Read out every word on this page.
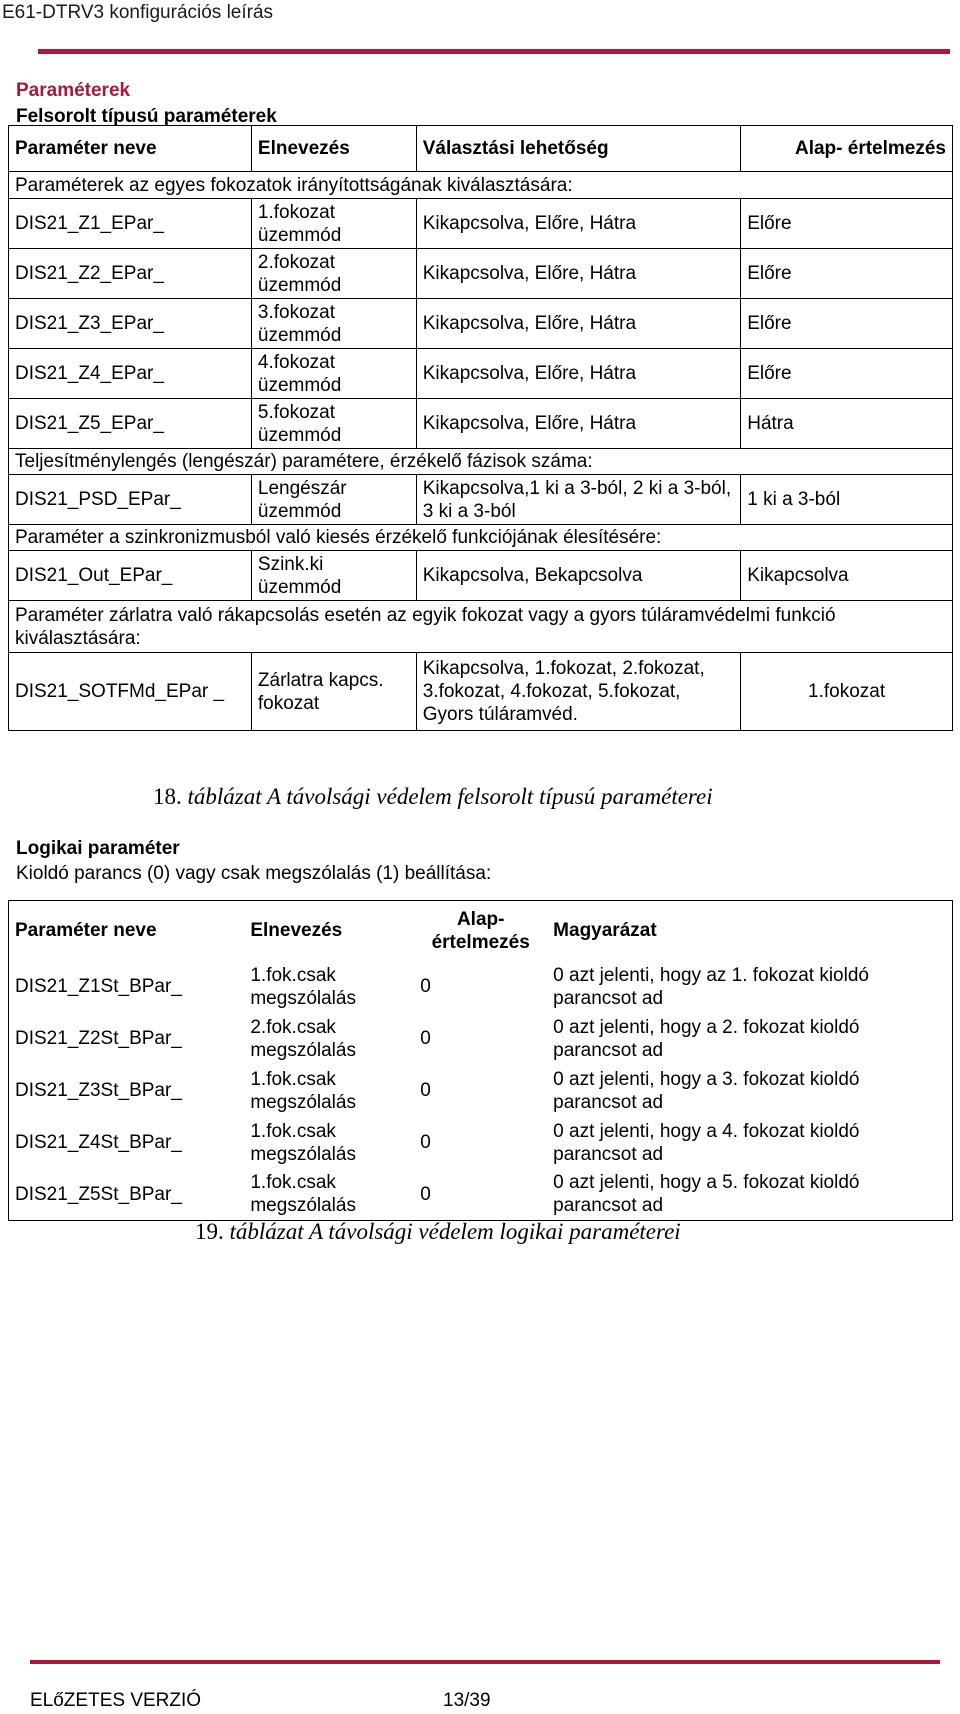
E61-DTRV3 konfigurációs leírás
Paraméterek
Felsorolt típusú paraméterek
Paraméter neve	Elnevezés	Választási lehetőség	Alap- értelmezés
Paraméterek az egyes fokozatok irányítottságának kiválasztására:			
DIS21_Z1_EPar_	1.fokozat üzemmód	Kikapcsolva, Előre, Hátra	Előre
DIS21_Z2_EPar_	2.fokozat üzemmód	Kikapcsolva, Előre, Hátra	Előre
DIS21_Z3_EPar_	3.fokozat üzemmód	Kikapcsolva, Előre, Hátra	Előre
DIS21_Z4_EPar_	4.fokozat üzemmód	Kikapcsolva, Előre, Hátra	Előre
DIS21_Z5_EPar_	5.fokozat üzemmód	Kikapcsolva, Előre, Hátra	Hátra
Teljesítménylengés (lengészár) paramétere, érzékelő fázisok száma:			
DIS21_PSD_EPar_	Lengészár üzemmód	Kikapcsolva,1 ki a 3-ból, 2 ki a 3-ból, 3 ki a 3-ból	1 ki a 3-ból
Paraméter a szinkronizmusból való kiesés érzékelő funkciójának élesítésére:			
DIS21_Out_EPar_	Szink.ki üzemmód	Kikapcsolva, Bekapcsolva	Kikapcsolva
Paraméter zárlatra való rákapcsolás esetén az egyik fokozat vagy a gyors túláramvédelmi funkció kiválasztására:			
DIS21_SOTFMd_EPar _	Zárlatra kapcs. fokozat	Kikapcsolva, 1.fokozat, 2.fokozat, 3.fokozat, 4.fokozat, 5.fokozat, Gyors túláramvéd.	1.fokozat
18. táblázat A távolsági védelem felsorolt típusú paraméterei
Logikai paraméter
Kioldó parancs (0) vagy csak megszólalás (1) beállítása:
Paraméter neve	Elnevezés	Alap- értelmezés	Magyarázat
DIS21_Z1St_BPar_	1.fok.csak megszólalás	0	0 azt jelenti, hogy az 1. fokozat kioldó parancsot ad
DIS21_Z2St_BPar_	2.fok.csak megszólalás	0	0 azt jelenti, hogy a 2. fokozat kioldó parancsot ad
DIS21_Z3St_BPar_	1.fok.csak megszólalás	0	0 azt jelenti, hogy a 3. fokozat kioldó parancsot ad
DIS21_Z4St_BPar_	1.fok.csak megszólalás	0	0 azt jelenti, hogy a 4. fokozat kioldó parancsot ad
DIS21_Z5St_BPar_	1.fok.csak megszólalás	0	0 azt jelenti, hogy a 5. fokozat kioldó parancsot ad
19. táblázat A távolsági védelem logikai paraméterei
ELőZETES VERZIÓ	13/39
